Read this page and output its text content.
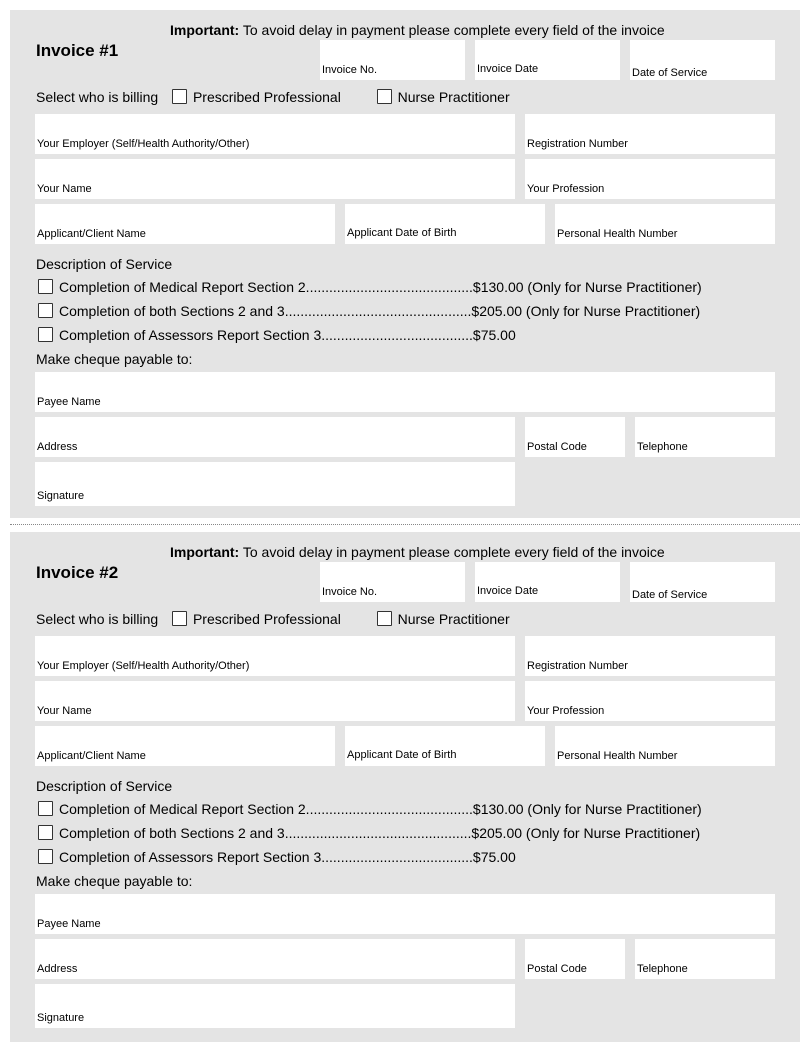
Important: To avoid delay in payment please complete every field of the invoice
Invoice #1
Invoice No.	Invoice Date	Date of Service
Select who is billing Prescribed Professional	Nurse Practitioner
Your Employer (Self/Health Authority/Other)	Registration Number
Your Name	Your Profession
Applicant/Client Name	Applicant Date of Birth	Personal Health Number
Description of Service
Completion of Medical Report Section 2...........................................$130.00 (Only for Nurse Practitioner)
Completion of both Sections 2 and 3................................................$205.00 (Only for Nurse Practitioner)
Completion of Assessors Report Section 3.......................................$75.00
Make cheque payable to:
Payee Name
Address	Postal Code	Telephone
Signature
Important: To avoid delay in payment please complete every field of the invoice
Invoice #2
Invoice No.	Invoice Date	Date of Service
Select who is billing Prescribed Professional	Nurse Practitioner
Your Employer (Self/Health Authority/Other)	Registration Number
Your Name	Your Profession
Applicant/Client Name	Applicant Date of Birth	Personal Health Number
Description of Service
Completion of Medical Report Section 2...........................................$130.00 (Only for Nurse Practitioner)
Completion of both Sections 2 and 3................................................$205.00 (Only for Nurse Practitioner)
Completion of Assessors Report Section 3.......................................$75.00
Make cheque payable to:
Payee Name
Address	Postal Code	Telephone
Signature
